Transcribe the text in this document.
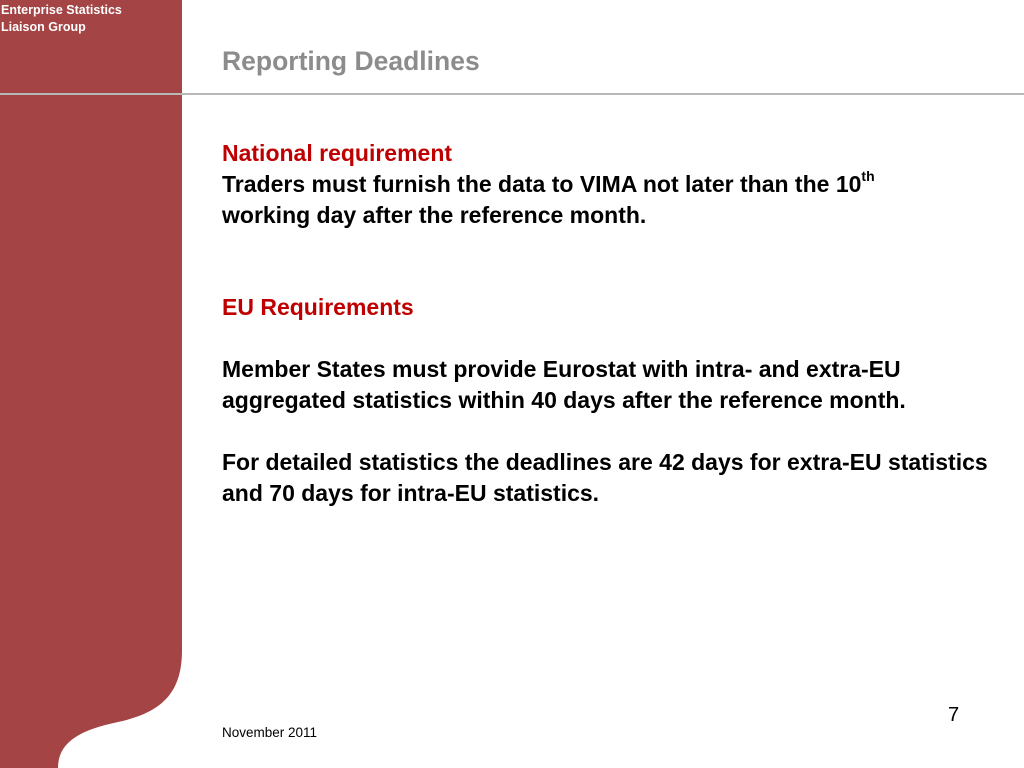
Enterprise Statistics
Liaison Group
Reporting Deadlines

National requirement

Traders must furnish the data to VIMA not later than the 10th
working day after the reference month.

EU Requirements

Member States must provide Eurostat with intra- and extra-EU aggregated statistics within 40 days after the reference month.

For detailed statistics the deadlines are 42 days for extra-EU statistics and 70 days for intra-EU statistics.

November 2011

7
